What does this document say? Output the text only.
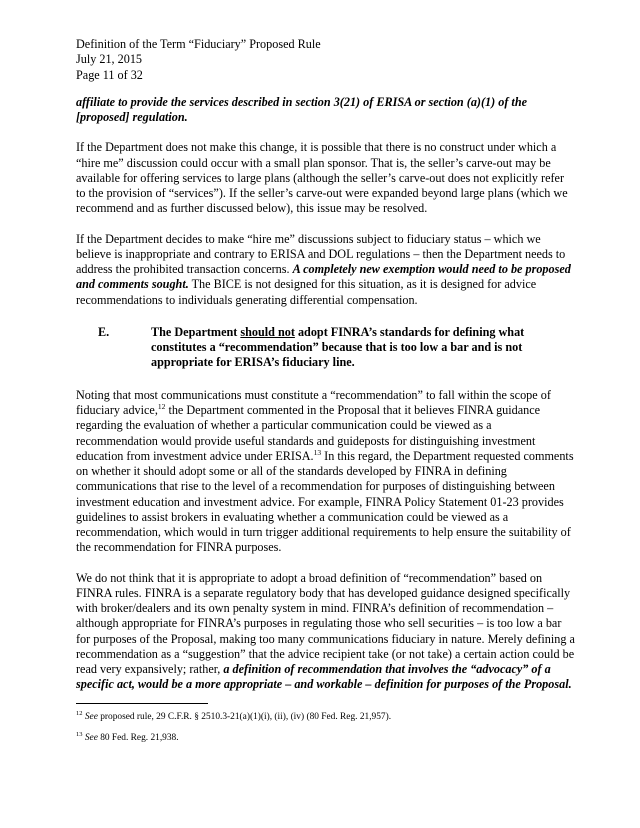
Definition of the Term “Fiduciary” Proposed Rule
July 21, 2015
Page 11 of 32

affiliate to provide the services described in section 3(21) of ERISA or section (a)(1) of the [proposed] regulation.

If the Department does not make this change, it is possible that there is no construct under which a “hire me” discussion could occur with a small plan sponsor. That is, the seller’s carve-out may be available for offering services to large plans (although the seller’s carve-out does not explicitly refer to the provision of “services”). If the seller’s carve-out were expanded beyond large plans (which we recommend and as further discussed below), this issue may be resolved.

If the Department decides to make “hire me” discussions subject to fiduciary status – which we believe is inappropriate and contrary to ERISA and DOL regulations – then the Department needs to address the prohibited transaction concerns. A completely new exemption would need to be proposed and comments sought. The BICE is not designed for this situation, as it is designed for advice recommendations to individuals generating differential compensation.

E.	The Department should not adopt FINRA’s standards for defining what constitutes a “recommendation” because that is too low a bar and is not appropriate for ERISA’s fiduciary line.

Noting that most communications must constitute a “recommendation” to fall within the scope of fiduciary advice,$^{12}$ the Department commented in the Proposal that it believes FINRA guidance regarding the evaluation of whether a particular communication could be viewed as a recommendation would provide useful standards and guideposts for distinguishing investment education from investment advice under ERISA.$^{13}$ In this regard, the Department requested comments on whether it should adopt some or all of the standards developed by FINRA in defining communications that rise to the level of a recommendation for purposes of distinguishing between investment education and investment advice. For example, FINRA Policy Statement 01-23 provides guidelines to assist brokers in evaluating whether a communication could be viewed as a recommendation, which would in turn trigger additional requirements to help ensure the suitability of the recommendation for FINRA purposes.

We do not think that it is appropriate to adopt a broad definition of “recommendation” based on FINRA rules. FINRA is a separate regulatory body that has developed guidance designed specifically with broker/dealers and its own penalty system in mind. FINRA’s definition of recommendation – although appropriate for FINRA’s purposes in regulating those who sell securities – is too low a bar for purposes of the Proposal, making too many communications fiduciary in nature. Merely defining a recommendation as a “suggestion” that the advice recipient take (or not take) a certain action could be read very expansively; rather, a definition of recommendation that involves the “advocacy” of a specific act, would be a more appropriate – and workable – definition for purposes of the Proposal.

$^{12}$ See proposed rule, 29 C.F.R. § 2510.3-21(a)(1)(i), (ii), (iv) (80 Fed. Reg. 21,957).

$^{13}$ See 80 Fed. Reg. 21,938.
